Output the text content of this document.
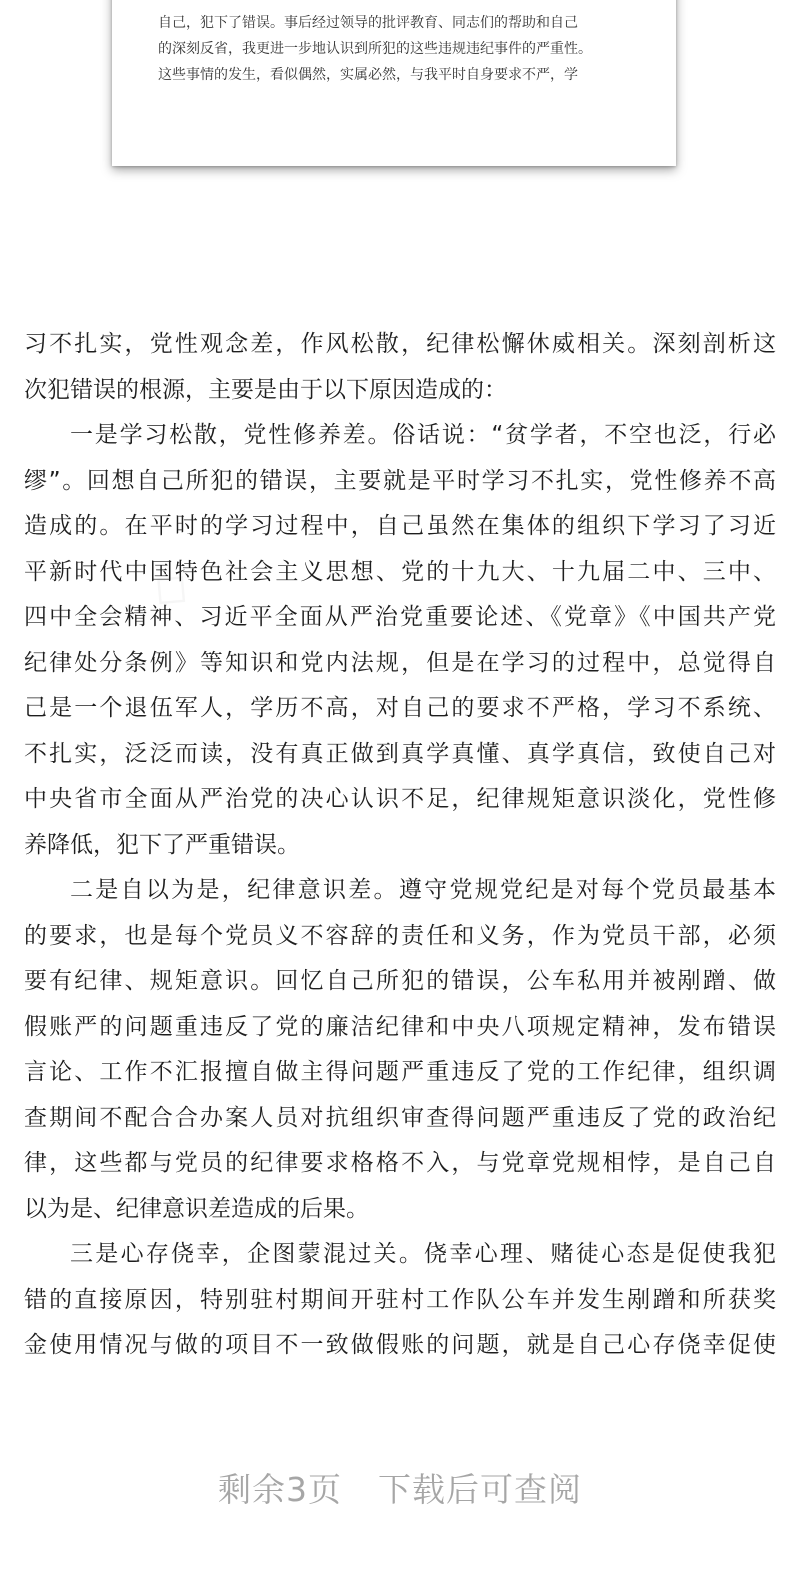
自己，犯下了错误。事后经过领导的批评教育、同志们的帮助和自己
的深刻反省，我更进一步地认识到所犯的这些违规违纪事件的严重性。
这些事情的发生，看似偶然，实属必然，与我平时自身要求不严，学
习不扎实，党性观念差，作风松散，纪律松懈休威相关。深刻剖析这
次犯错误的根源，主要是由于以下原因造成的：
一是学习松散，党性修养差。俗话说：“贫学者，不空也泛，行必
缪”。回想自己所犯的错误，主要就是平时学习不扎实，党性修养不高
造成的。在平时的学习过程中，自己虽然在集体的组织下学习了习近
平新时代中国特色社会主义思想、党的十九大、十九届二中、三中、
四中全会精神、习近平全面从严治党重要论述、《党章》《中国共产党
纪律处分条例》等知识和党内法规，但是在学习的过程中，总觉得自
己是一个退伍军人，学历不高，对自己的要求不严格，学习不系统、
不扎实，泛泛而读，没有真正做到真学真懂、真学真信，致使自己对
中央省市全面从严治党的决心认识不足，纪律规矩意识淡化，党性修
养降低，犯下了严重错误。
二是自以为是，纪律意识差。遵守党规党纪是对每个党员最基本
的要求，也是每个党员义不容辞的责任和义务，作为党员干部，必须
要有纪律、规矩意识。回忆自己所犯的错误，公车私用并被剐蹭、做
假账严的问题重违反了党的廉洁纪律和中央八项规定精神，发布错误
言论、工作不汇报擅自做主得问题严重违反了党的工作纪律，组织调
查期间不配合合办案人员对抗组织审查得问题严重违反了党的政治纪
律，这些都与党员的纪律要求格格不入，与党章党规相悖，是自己自
以为是、纪律意识差造成的后果。
三是心存侥幸，企图蒙混过关。侥幸心理、赌徒心态是促使我犯
错的直接原因，特别驻村期间开驻村工作队公车并发生剐蹭和所获奖
金使用情况与做的项目不一致做假账的问题，就是自己心存侥幸促使
剩余3页 下载后可查阅
